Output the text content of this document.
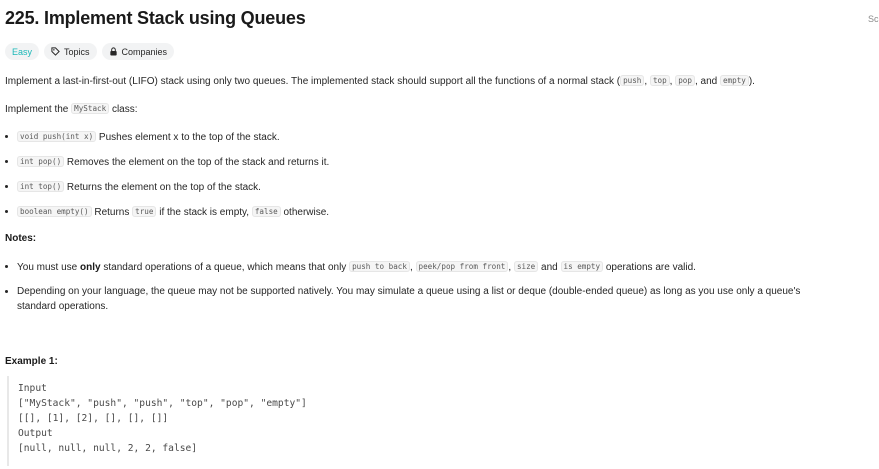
225. Implement Stack using Queues	Sc
Easy	Topics	Companies

Implement a last-in-first-out (LIFO) stack using only two queues. The implemented stack should support all the functions of a normal stack ( push , top , pop , and empty ).

Implement the MyStack class:

void push(int x) Pushes element x to the top of the stack.
int pop() Removes the element on the top of the stack and returns it.
int top() Returns the element on the top of the stack.
boolean empty() Returns true if the stack is empty, false otherwise.
Notes:
You must use only standard operations of a queue, which means that only push to back , peek/pop from front , size and is empty operations are valid.
Depending on your language, the queue may not be supported natively. You may simulate a queue using a list or deque (double-ended queue) as long as you use only a queue's
standard operations.
Example 1:
Input
["MyStack", "push", "push", "top", "pop", "empty"]
[[], [1], [2], [], [], []]
Output
[null, null, null, 2, 2, false]
